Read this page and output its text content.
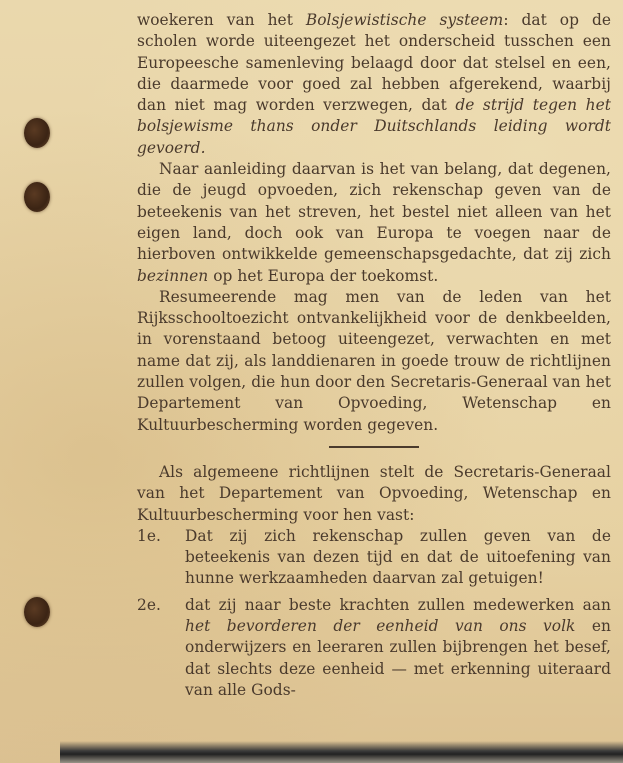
woekeren van het Bolsjewistische systeem: dat op de scholen worde uiteengezet het onderscheid tusschen een Europeesche samenleving belaagd door dat stelsel en een, die daarmede voor goed zal hebben afgerekend, waarbij dan niet mag worden verzwegen, dat de strijd tegen het bolsjewisme thans onder Duitschlands leiding wordt gevoerd.

Naar aanleiding daarvan is het van belang, dat degenen, die de jeugd opvoeden, zich rekenschap geven van de beteekenis van het streven, het bestel niet alleen van het eigen land, doch ook van Europa te voegen naar de hierboven ontwikkelde gemeenschapsgedachte, dat zij zich bezinnen op het Europa der toekomst.

Resumeerende mag men van de leden van het Rijksschooltoezicht ontvankelijkheid voor de denkbeelden, in vorenstaand betoog uiteengezet, verwachten en met name dat zij, als landdienaren in goede trouw de richtlijnen zullen volgen, die hun door den Secretaris-Generaal van het Departement van Opvoeding, Wetenschap en Kultuurbescherming worden gegeven.

Als algemeene richtlijnen stelt de Secretaris-Generaal van het Departement van Opvoeding, Wetenschap en Kultuurbescherming voor hen vast:

1e. Dat zij zich rekenschap zullen geven van de beteekenis van dezen tijd en dat de uitoefening van hunne werkzaamheden daarvan zal getuigen!
2e. dat zij naar beste krachten zullen medewerken aan het bevorderen der eenheid van ons volk en onderwijzers en leeraren zullen bijbrengen het besef, dat slechts deze eenheid — met erkenning uiteraard van alle Gods-
